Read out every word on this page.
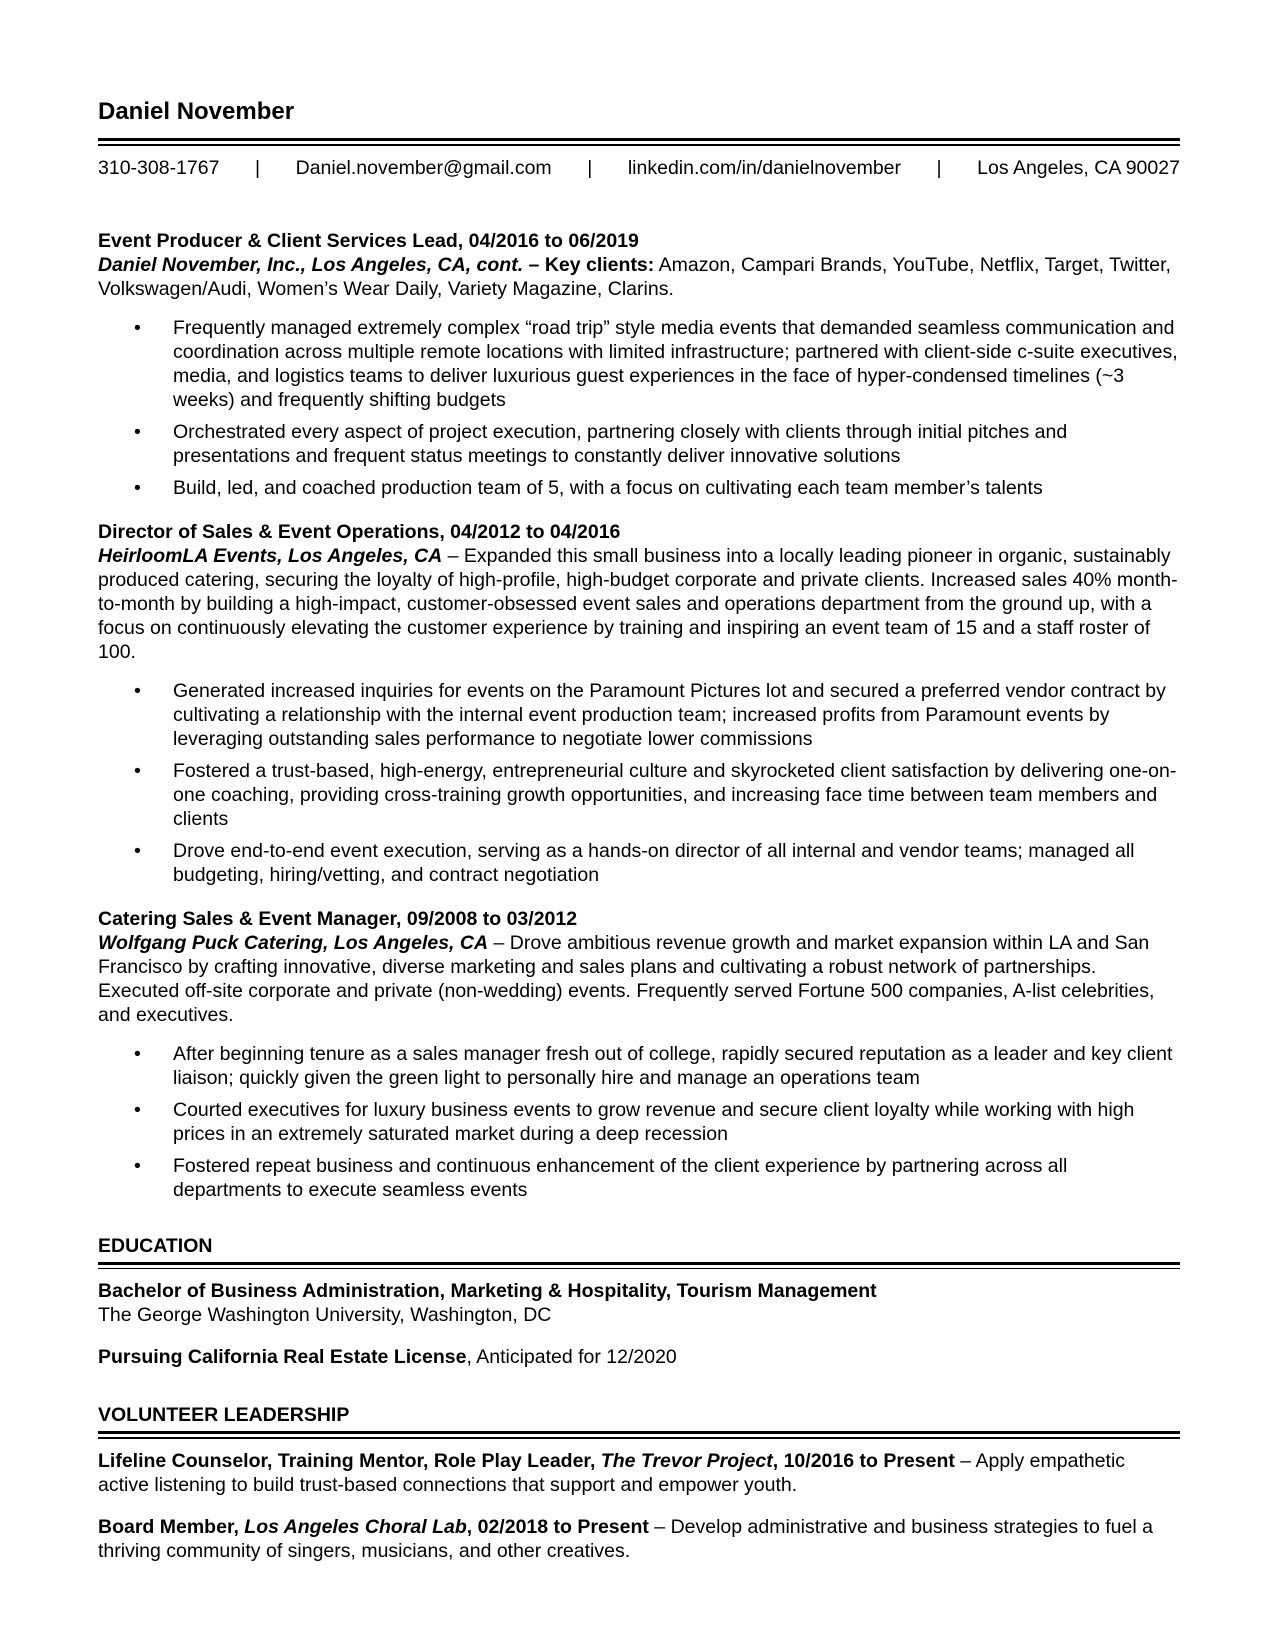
Daniel November
310-308-1767 | Daniel.november@gmail.com | linkedin.com/in/danielnovember | Los Angeles, CA 90027
Event Producer & Client Services Lead, 04/2016 to 06/2019
Daniel November, Inc., Los Angeles, CA, cont. – Key clients: Amazon, Campari Brands, YouTube, Netflix, Target, Twitter, Volkswagen/Audi, Women’s Wear Daily, Variety Magazine, Clarins.
• Frequently managed extremely complex “road trip” style media events that demanded seamless communication and coordination across multiple remote locations with limited infrastructure; partnered with client-side c-suite executives, media, and logistics teams to deliver luxurious guest experiences in the face of hyper-condensed timelines (~3 weeks) and frequently shifting budgets
• Orchestrated every aspect of project execution, partnering closely with clients through initial pitches and presentations and frequent status meetings to constantly deliver innovative solutions
• Build, led, and coached production team of 5, with a focus on cultivating each team member’s talents
Director of Sales & Event Operations, 04/2012 to 04/2016
HeirloomLA Events, Los Angeles, CA – Expanded this small business into a locally leading pioneer in organic, sustainably produced catering, securing the loyalty of high-profile, high-budget corporate and private clients. Increased sales 40% month-to-month by building a high-impact, customer-obsessed event sales and operations department from the ground up, with a focus on continuously elevating the customer experience by training and inspiring an event team of 15 and a staff roster of 100.
• Generated increased inquiries for events on the Paramount Pictures lot and secured a preferred vendor contract by cultivating a relationship with the internal event production team; increased profits from Paramount events by leveraging outstanding sales performance to negotiate lower commissions
• Fostered a trust-based, high-energy, entrepreneurial culture and skyrocketed client satisfaction by delivering one-on-one coaching, providing cross-training growth opportunities, and increasing face time between team members and clients
• Drove end-to-end event execution, serving as a hands-on director of all internal and vendor teams; managed all budgeting, hiring/vetting, and contract negotiation
Catering Sales & Event Manager, 09/2008 to 03/2012
Wolfgang Puck Catering, Los Angeles, CA – Drove ambitious revenue growth and market expansion within LA and San Francisco by crafting innovative, diverse marketing and sales plans and cultivating a robust network of partnerships. Executed off-site corporate and private (non-wedding) events. Frequently served Fortune 500 companies, A-list celebrities, and executives.
• After beginning tenure as a sales manager fresh out of college, rapidly secured reputation as a leader and key client liaison; quickly given the green light to personally hire and manage an operations team
• Courted executives for luxury business events to grow revenue and secure client loyalty while working with high prices in an extremely saturated market during a deep recession
• Fostered repeat business and continuous enhancement of the client experience by partnering across all departments to execute seamless events
EDUCATION
Bachelor of Business Administration, Marketing & Hospitality, Tourism Management
The George Washington University, Washington, DC
Pursuing California Real Estate License, Anticipated for 12/2020
VOLUNTEER LEADERSHIP
Lifeline Counselor, Training Mentor, Role Play Leader, The Trevor Project, 10/2016 to Present – Apply empathetic active listening to build trust-based connections that support and empower youth.
Board Member, Los Angeles Choral Lab, 02/2018 to Present – Develop administrative and business strategies to fuel a thriving community of singers, musicians, and other creatives.
